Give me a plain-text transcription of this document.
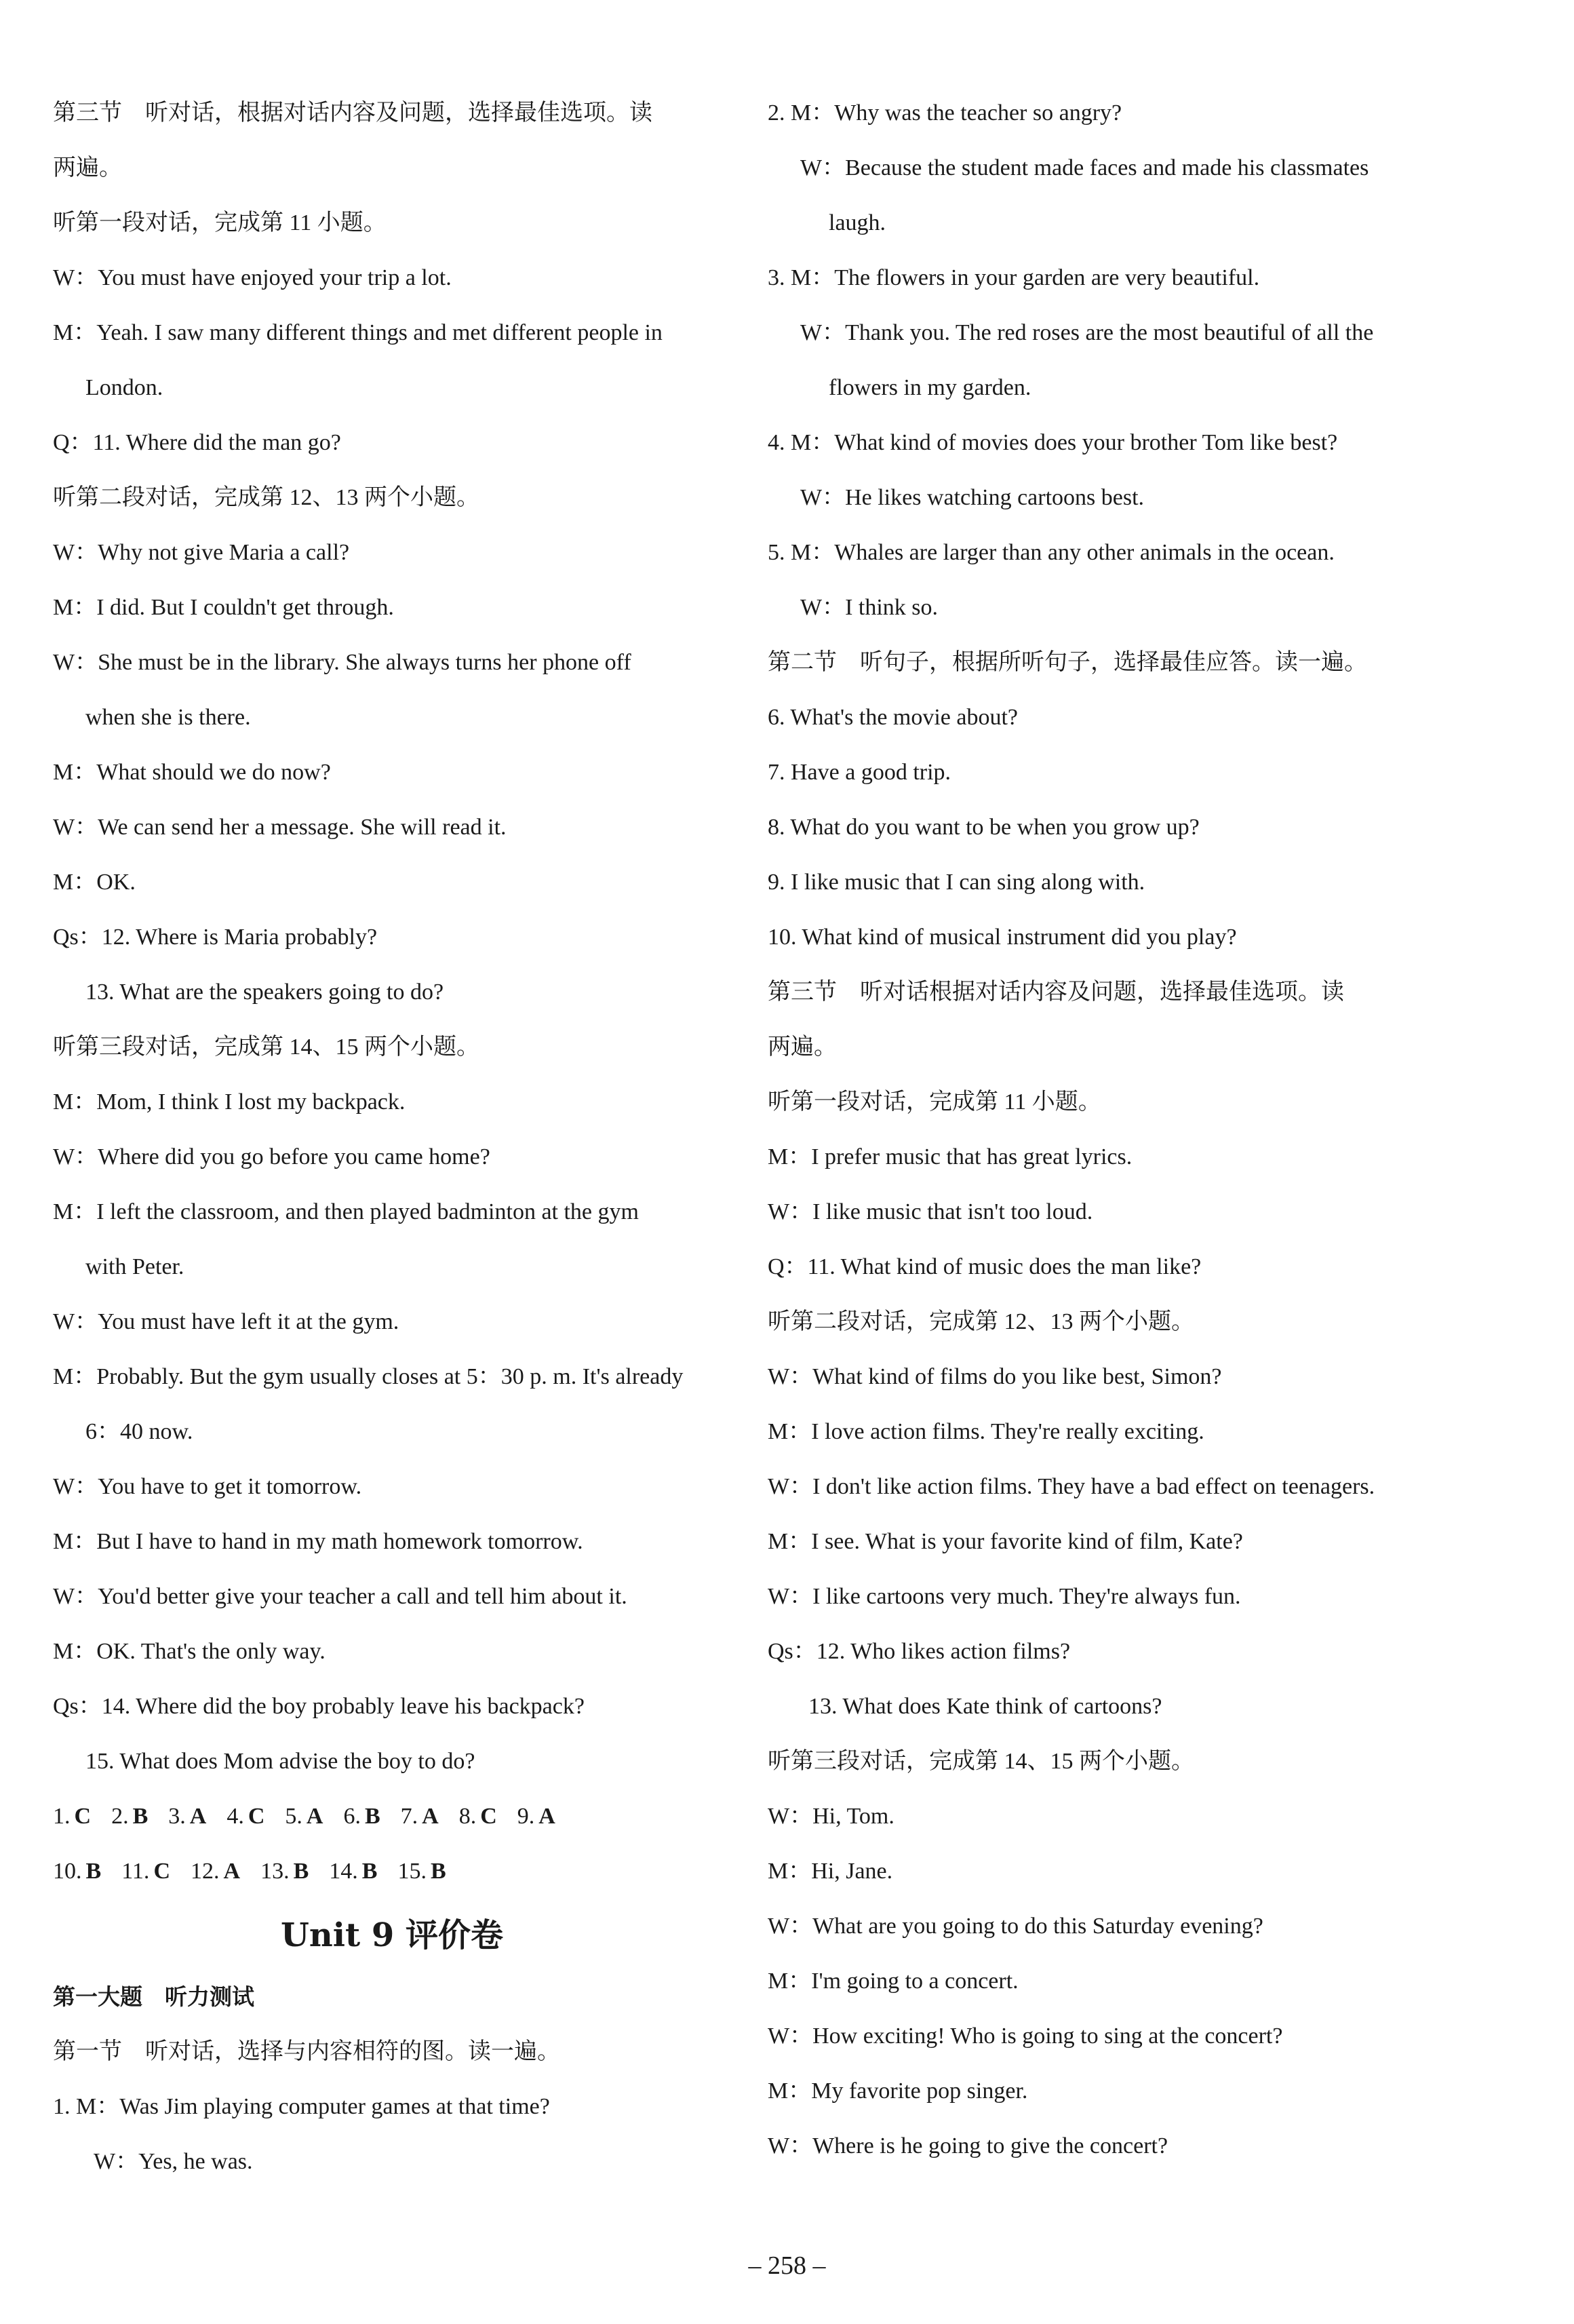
第三节　听对话，根据对话内容及问题，选择最佳选项。读
两遍。
听第一段对话，完成第 11 小题。
W：You must have enjoyed your trip a lot.
M：Yeah. I saw many different things and met different people in
London.
Q：11. Where did the man go?
听第二段对话，完成第 12、13 两个小题。
W：Why not give Maria a call?
M：I did. But I couldn't get through.
W：She must be in the library. She always turns her phone off
when she is there.
M：What should we do now?
W：We can send her a message. She will read it.
M：OK.
Qs：12. Where is Maria probably?
13. What are the speakers going to do?
听第三段对话，完成第 14、15 两个小题。
M：Mom, I think I lost my backpack.
W：Where did you go before you came home?
M：I left the classroom, and then played badminton at the gym
with Peter.
W：You must have left it at the gym.
M：Probably. But the gym usually closes at 5：30 p. m. It's already
6：40 now.
W：You have to get it tomorrow.
M：But I have to hand in my math homework tomorrow.
W：You'd better give your teacher a call and tell him about it.
M：OK. That's the only way.
Qs：14. Where did the boy probably leave his backpack?
15. What does Mom advise the boy to do?
1. C 2. B 3. A 4. C 5. A 6. B 7. A 8. C 9. A
10. B 11. C 12. A 13. B 14. B 15. B
Unit 9 评价卷
第一大题　听力测试
第一节　听对话，选择与内容相符的图。读一遍。
1. M：Was Jim playing computer games at that time?
W：Yes, he was.
2. M：Why was the teacher so angry?
W：Because the student made faces and made his classmates
laugh.
3. M：The flowers in your garden are very beautiful.
W：Thank you. The red roses are the most beautiful of all the
flowers in my garden.
4. M：What kind of movies does your brother Tom like best?
W：He likes watching cartoons best.
5. M：Whales are larger than any other animals in the ocean.
W：I think so.
第二节　听句子，根据所听句子，选择最佳应答。读一遍。
6. What's the movie about?
7. Have a good trip.
8. What do you want to be when you grow up?
9. I like music that I can sing along with.
10. What kind of musical instrument did you play?
第三节　听对话根据对话内容及问题，选择最佳选项。读
两遍。
听第一段对话，完成第 11 小题。
M：I prefer music that has great lyrics.
W：I like music that isn't too loud.
Q：11. What kind of music does the man like?
听第二段对话，完成第 12、13 两个小题。
W：What kind of films do you like best, Simon?
M：I love action films. They're really exciting.
W：I don't like action films. They have a bad effect on teenagers.
M：I see. What is your favorite kind of film, Kate?
W：I like cartoons very much. They're always fun.
Qs：12. Who likes action films?
13. What does Kate think of cartoons?
听第三段对话，完成第 14、15 两个小题。
W：Hi, Tom.
M：Hi, Jane.
W：What are you going to do this Saturday evening?
M：I'm going to a concert.
W：How exciting! Who is going to sing at the concert?
M：My favorite pop singer.
W：Where is he going to give the concert?
– 258 –
